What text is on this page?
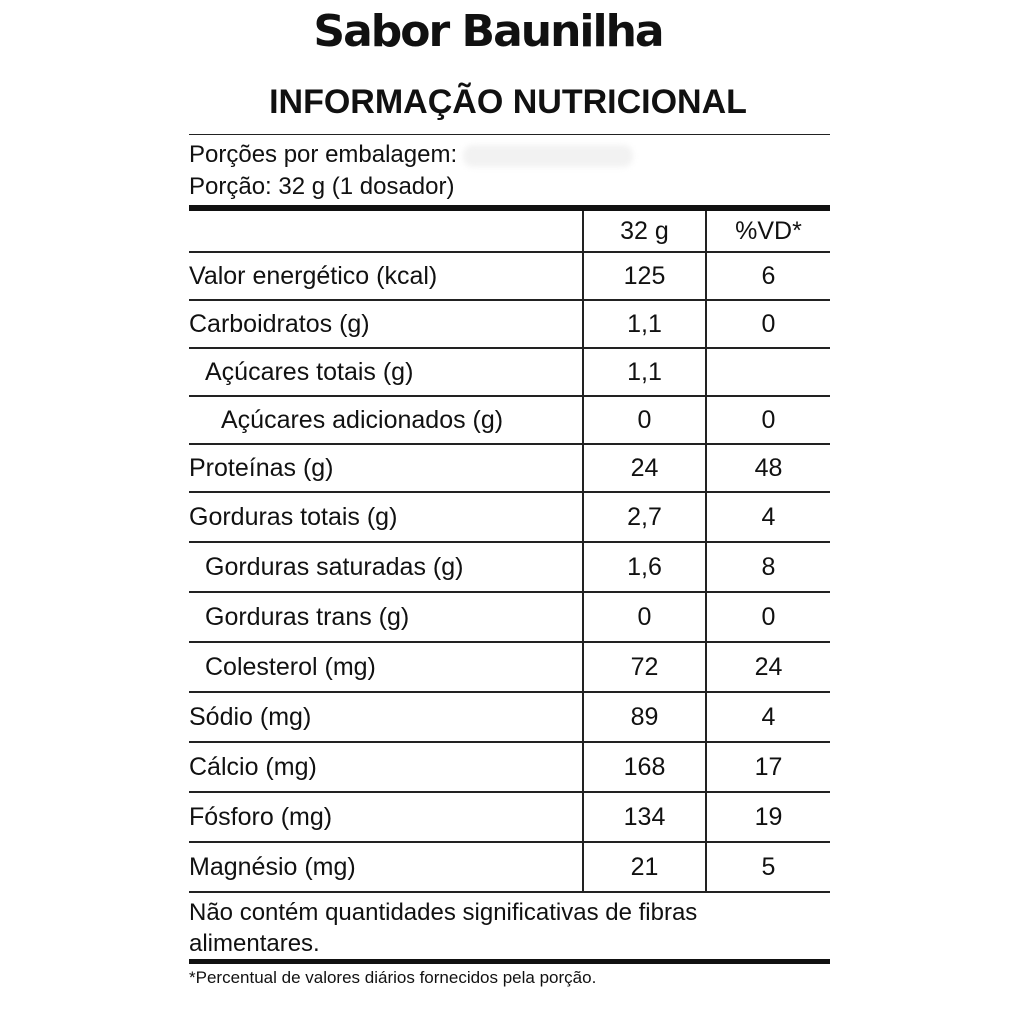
Sabor Baunilha
INFORMAÇÃO NUTRICIONAL
Porções por embalagem:
Porção: 32 g (1 dosador)
	32 g	%VD*
Valor energético (kcal)	125	6
Carboidratos (g)	1,1	0
Açúcares totais (g)	1,1	
Açúcares adicionados (g)	0	0
Proteínas (g)	24	48
Gorduras totais (g)	2,7	4
Gorduras saturadas (g)	1,6	8
Gorduras trans (g)	0	0
Colesterol (mg)	72	24
Sódio (mg)	89	4
Cálcio (mg)	168	17
Fósforo (mg)	134	19
Magnésio (mg)	21	5
Não contém quantidades significativas de fibras alimentares.
*Percentual de valores diários fornecidos pela porção.
